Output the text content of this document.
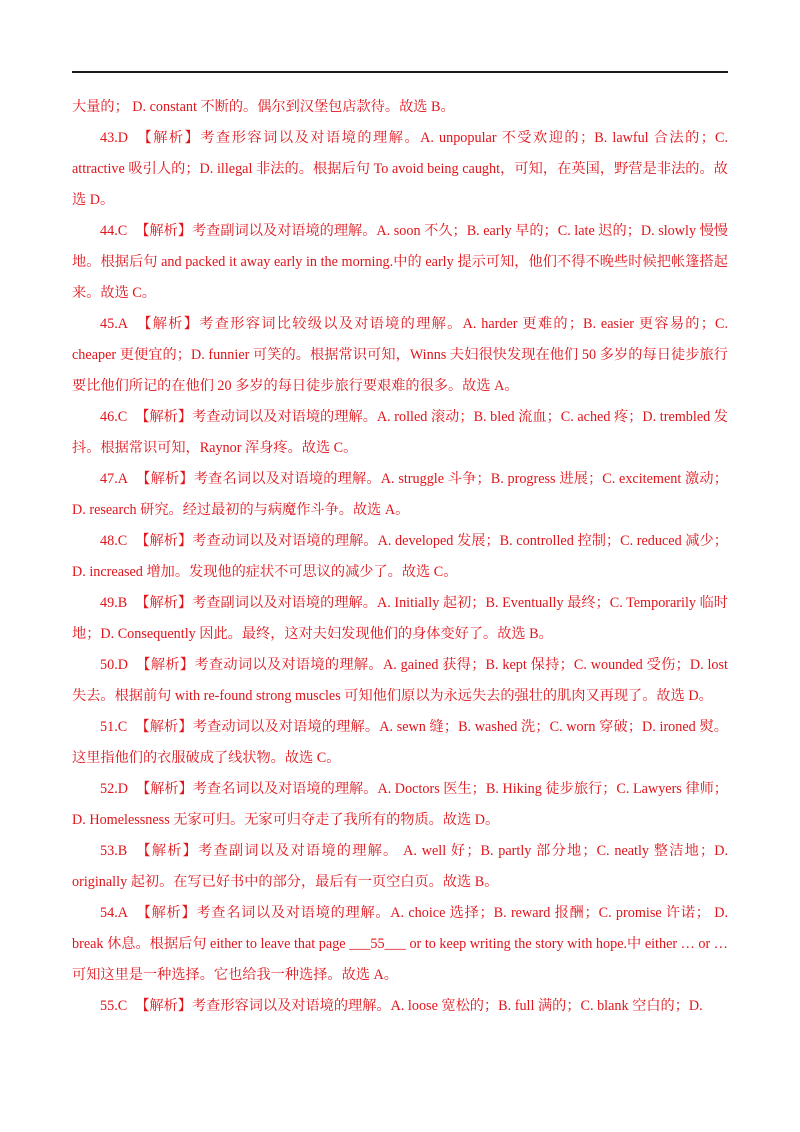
大量的； D. constant 不断的。偶尔到汉堡包店款待。故选 B。

43.D 【解析】考查形容词以及对语境的理解。A. unpopular 不受欢迎的；B. lawful 合法的；C. attractive 吸引人的；D. illegal 非法的。根据后句 To avoid being caught，可知，在英国，野营是非法的。故选 D。

44.C 【解析】考查副词以及对语境的理解。A. soon 不久；B. early 早的；C. late 迟的；D. slowly 慢慢地。根据后句 and packed it away early in the morning.中的 early 提示可知，他们不得不晚些时候把帐篷搭起来。故选 C。

45.A 【解析】考查形容词比较级以及对语境的理解。A. harder 更难的；B. easier 更容易的；C. cheaper 更便宜的；D. funnier 可笑的。根据常识可知，Winns 夫妇很快发现在他们 50 多岁的每日徒步旅行要比他们所记的在他们 20 多岁的每日徒步旅行要艰难的很多。故选 A。

46.C 【解析】考查动词以及对语境的理解。A. rolled 滚动；B. bled 流血；C. ached 疼；D. trembled 发抖。根据常识可知，Raynor 浑身疼。故选 C。

47.A 【解析】考查名词以及对语境的理解。A. struggle 斗争；B. progress 进展；C. excitement 激动；D. research 研究。经过最初的与病魔作斗争。故选 A。

48.C 【解析】考查动词以及对语境的理解。A. developed 发展；B. controlled 控制；C. reduced 减少；D. increased 增加。发现他的症状不可思议的减少了。故选 C。

49.B 【解析】考查副词以及对语境的理解。A. Initially 起初；B. Eventually 最终；C. Temporarily 临时地；D. Consequently 因此。最终，这对夫妇发现他们的身体变好了。故选 B。

50.D 【解析】考查动词以及对语境的理解。A. gained 获得；B. kept 保持；C. wounded 受伤；D. lost 失去。根据前句 with re-found strong muscles 可知他们原以为永远失去的强壮的肌肉又再现了。故选 D。

51.C 【解析】考查动词以及对语境的理解。A. sewn 缝；B. washed 洗；C. worn 穿破；D. ironed 熨。这里指他们的衣服破成了线状物。故选 C。

52.D 【解析】考查名词以及对语境的理解。A. Doctors 医生；B. Hiking 徒步旅行；C. Lawyers 律师；D. Homelessness 无家可归。无家可归夺走了我所有的物质。故选 D。

53.B 【解析】考查副词以及对语境的理解。 A. well 好；B. partly 部分地；C. neatly 整洁地；D. originally 起初。在写已好书中的部分，最后有一页空白页。故选 B。

54.A 【解析】考查名词以及对语境的理解。A. choice 选择；B. reward 报酬；C. promise 许诺； D. break 休息。根据后句 either to leave that page ___55___ or to keep writing the story with hope.中 either … or …可知这里是一种选择。它也给我一种选择。故选 A。

55.C 【解析】考查形容词以及对语境的理解。A. loose 宽松的；B. full 满的；C. blank 空白的；D.
